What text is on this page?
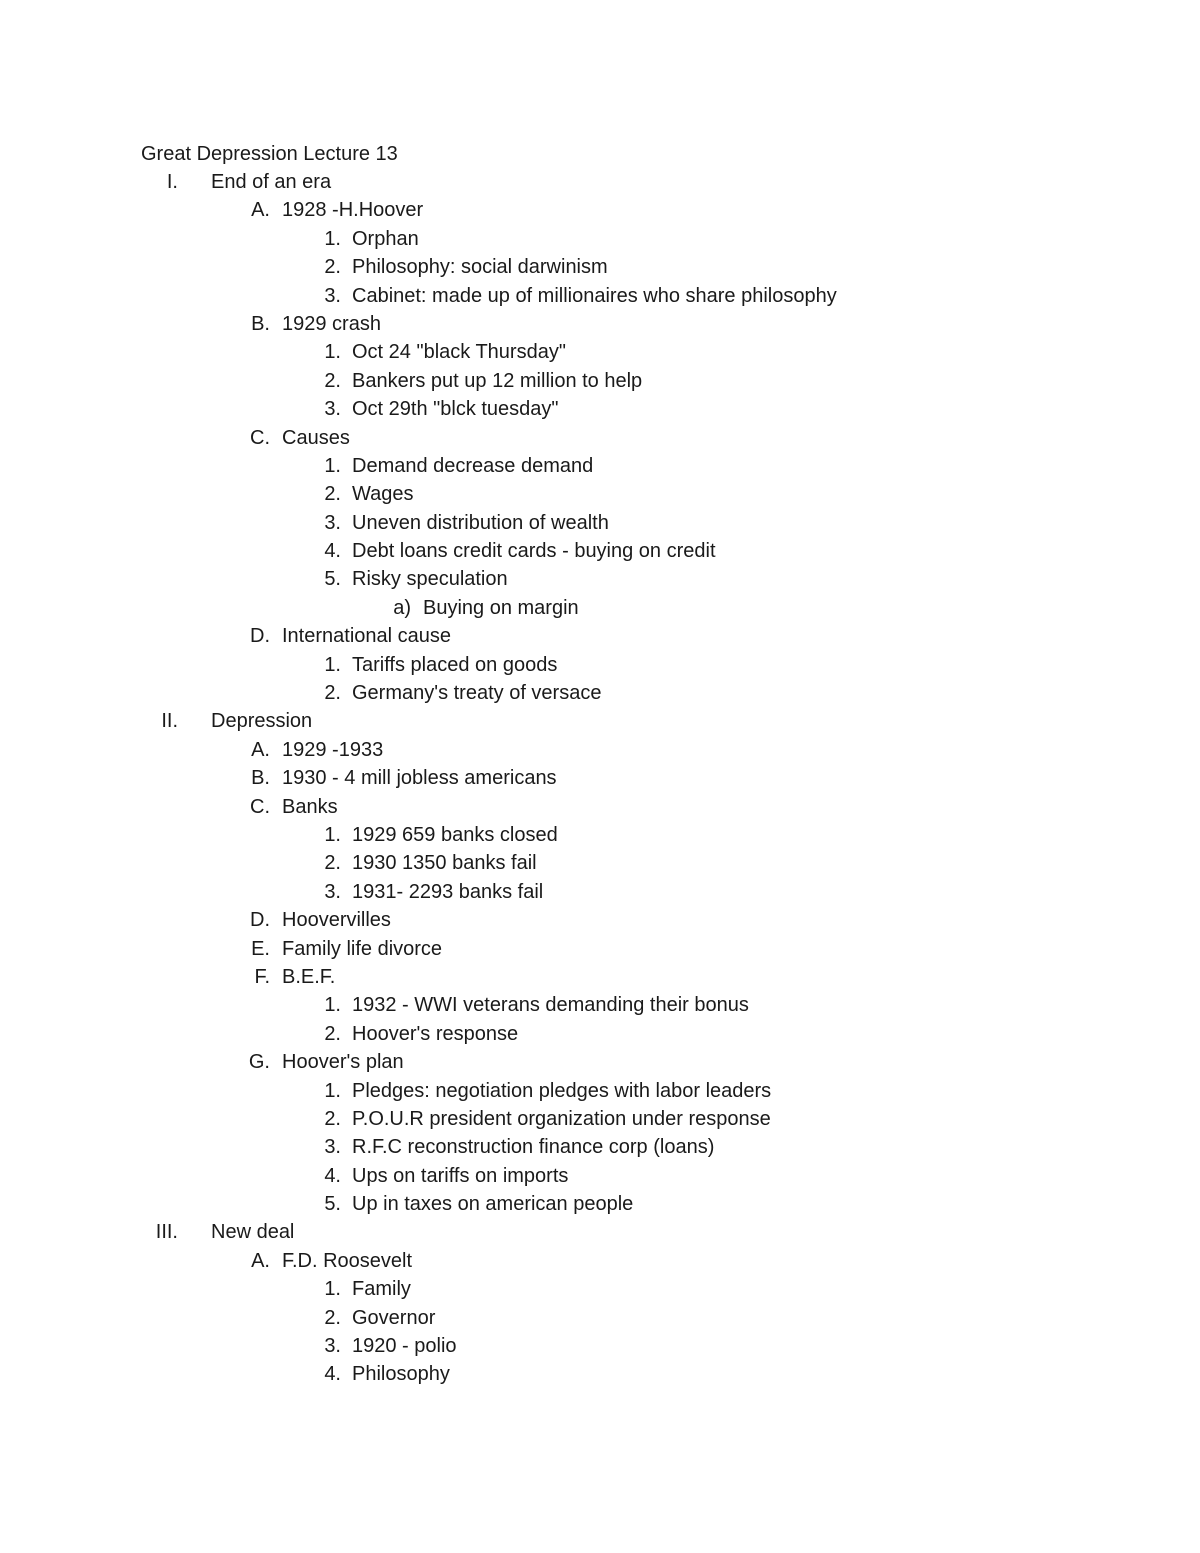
Great Depression Lecture 13
I. End of an era
A. 1928 -H.Hoover
1. Orphan
2. Philosophy: social darwinism
3. Cabinet: made up of millionaires who share philosophy
B. 1929 crash
1. Oct 24 "black Thursday"
2. Bankers put up 12 million to help
3. Oct 29th "blck tuesday"
C. Causes
1. Demand decrease demand
2. Wages
3. Uneven distribution of wealth
4. Debt loans credit cards - buying on credit
5. Risky speculation
a) Buying on margin
D. International cause
1. Tariffs placed on goods
2. Germany's treaty of versace
II. Depression
A. 1929 -1933
B. 1930 - 4 mill jobless americans
C. Banks
1. 1929 659 banks closed
2. 1930 1350 banks fail
3. 1931- 2293 banks fail
D. Hoovervilles
E. Family life divorce
F. B.E.F.
1. 1932 - WWI veterans demanding their bonus
2. Hoover's response
G. Hoover's plan
1. Pledges: negotiation pledges with labor leaders
2. P.O.U.R president organization under response
3. R.F.C reconstruction finance corp (loans)
4. Ups on tariffs on imports
5. Up in taxes on american people
III. New deal
A. F.D. Roosevelt
1. Family
2. Governor
3. 1920 - polio
4. Philosophy
